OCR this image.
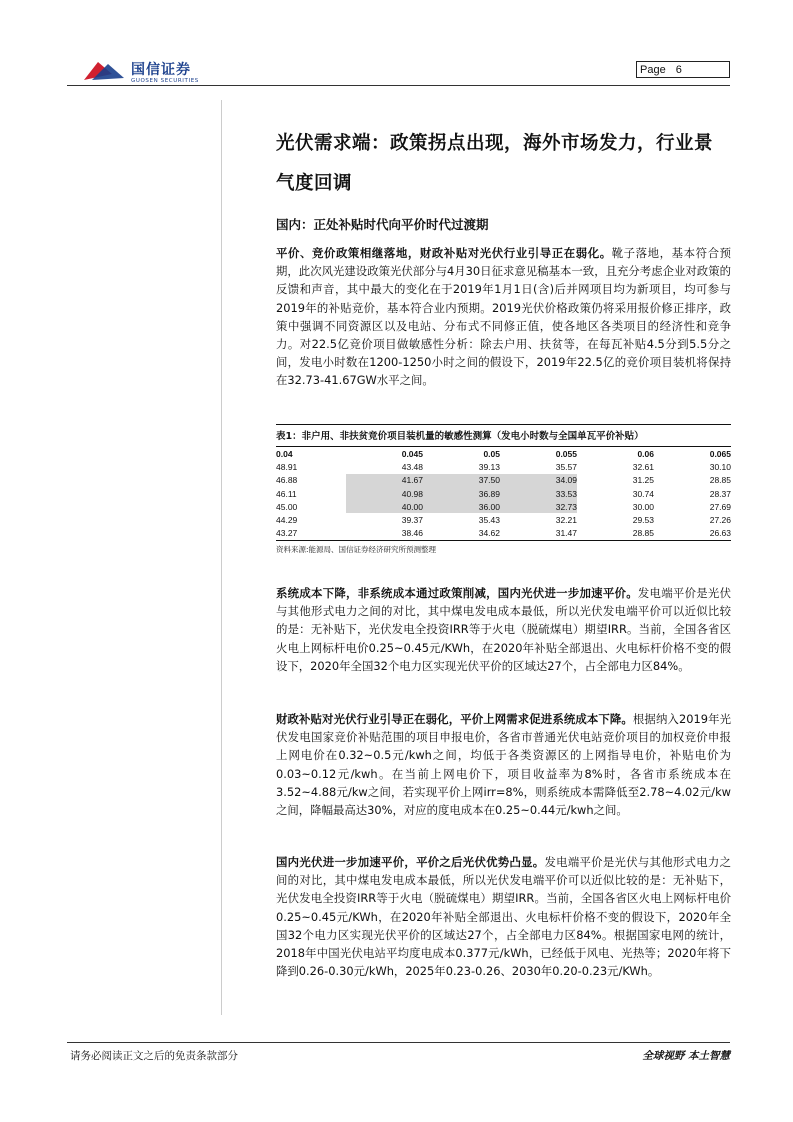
国信证券
GUOSEN SECURITIES
Page 6
光伏需求端：政策拐点出现，海外市场发力，行业景气度回调
国内：正处补贴时代向平价时代过渡期
平价、竞价政策相继落地，财政补贴对光伏行业引导正在弱化。靴子落地，基本符合预期，此次风光建设政策光伏部分与4月30日征求意见稿基本一致，且充分考虑企业对政策的反馈和声音，其中最大的变化在于2019年1月1日(含)后并网项目均为新项目，均可参与2019年的补贴竞价，基本符合业内预期。2019光伏价格政策仍将采用报价修正排序，政策中强调不同资源区以及电站、分布式不同修正值，使各地区各类项目的经济性和竞争力。对22.5亿竞价项目做敏感性分析：除去户用、扶贫等，在每瓦补贴4.5分到5.5分之间，发电小时数在1200-1250小时之间的假设下，2019年22.5亿的竞价项目装机将保持在32.73-41.67GW水平之间。
表1：非户用、非扶贫竞价项目装机量的敏感性测算（发电小时数与全国单瓦平价补贴）
0.04	0.045	0.05	0.055	0.06	0.065
48.91	43.48	39.13	35.57	32.61	30.10
46.88	41.67	37.50	34.09	31.25	28.85
46.11	40.98	36.89	33.53	30.74	28.37
45.00	40.00	36.00	32.73	30.00	27.69
44.29	39.37	35.43	32.21	29.53	27.26
43.27	38.46	34.62	31.47	28.85	26.63
资料来源:能源局、国信证券经济研究所预测整理
系统成本下降，非系统成本通过政策削减，国内光伏进一步加速平价。发电端平价是光伏与其他形式电力之间的对比，其中煤电发电成本最低，所以光伏发电端平价可以近似比较的是：无补贴下，光伏发电全投资IRR等于火电（脱硫煤电）期望IRR。当前，全国各省区火电上网标杆电价0.25~0.45元/KWh，在2020年补贴全部退出、火电标杆价格不变的假设下，2020年全国32个电力区实现光伏平价的区域达27个，占全部电力区84%。
财政补贴对光伏行业引导正在弱化，平价上网需求促进系统成本下降。根据纳入2019年光伏发电国家竞价补贴范围的项目申报电价，各省市普通光伏电站竞价项目的加权竞价申报上网电价在0.32~0.5元/kwh之间，均低于各类资源区的上网指导电价，补贴电价为0.03~0.12元/kwh。在当前上网电价下，项目收益率为8%时，各省市系统成本在3.52~4.88元/kw之间，若实现平价上网irr=8%，则系统成本需降低至2.78~4.02元/kw之间，降幅最高达30%，对应的度电成本在0.25~0.44元/kwh之间。
国内光伏进一步加速平价，平价之后光伏优势凸显。发电端平价是光伏与其他形式电力之间的对比，其中煤电发电成本最低，所以光伏发电端平价可以近似比较的是：无补贴下，光伏发电全投资IRR等于火电（脱硫煤电）期望IRR。当前，全国各省区火电上网标杆电价0.25~0.45元/KWh，在2020年补贴全部退出、火电标杆价格不变的假设下，2020年全国32个电力区实现光伏平价的区域达27个，占全部电力区84%。根据国家电网的统计，2018年中国光伏电站平均度电成本0.377元/kWh，已经低于风电、光热等；2020年将下降到0.26-0.30元/kWh，2025年0.23-0.26、2030年0.20-0.23元/KWh。
请务必阅读正文之后的免责条款部分	全球视野 本土智慧
